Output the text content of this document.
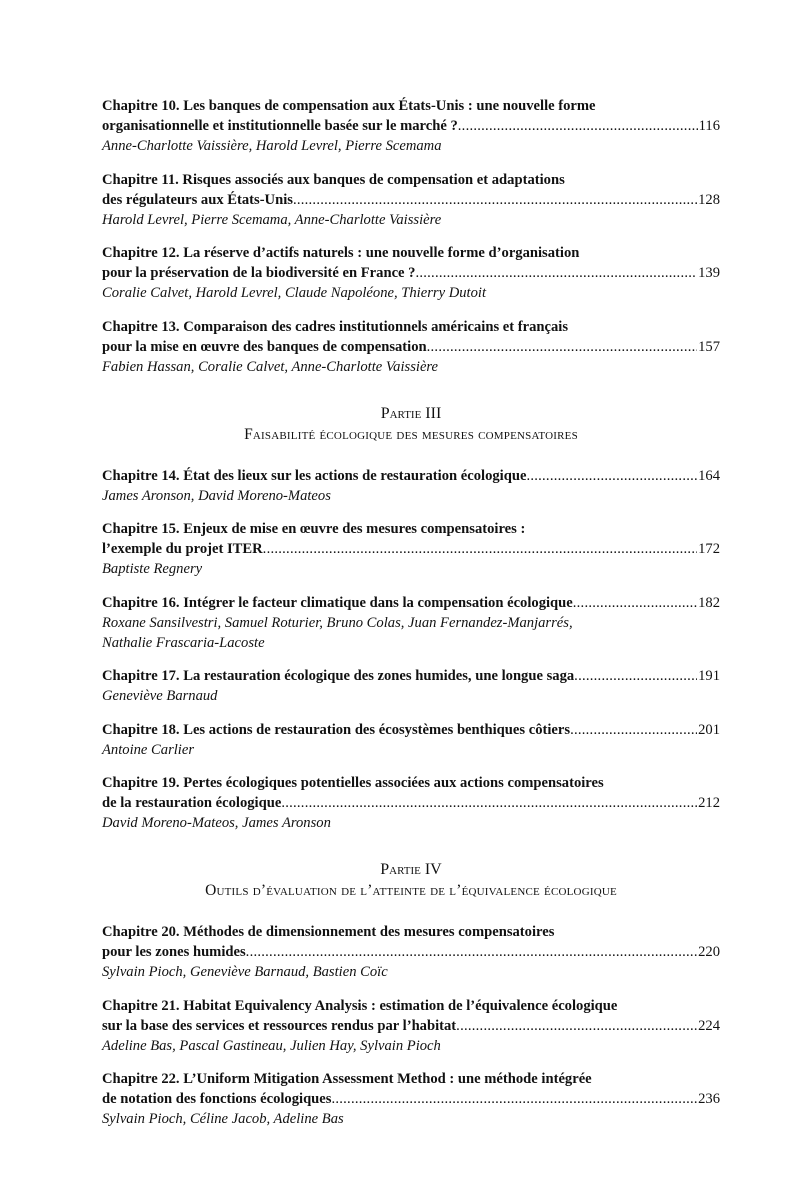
Chapitre 10. Les banques de compensation aux États-Unis : une nouvelle forme
organisationnelle et institutionnelle basée sur le marché ? . . .	116
Anne-Charlotte Vaissière, Harold Levrel, Pierre Scemama
Chapitre 11. Risques associés aux banques de compensation et adaptations
des régulateurs aux États-Unis . . .	128
Harold Levrel, Pierre Scemama, Anne-Charlotte Vaissière
Chapitre 12. La réserve d’actifs naturels : une nouvelle forme d’organisation
pour la préservation de la biodiversité en France ? . . .	139
Coralie Calvet, Harold Levrel, Claude Napoléone, Thierry Dutoit
Chapitre 13. Comparaison des cadres institutionnels américains et français
pour la mise en œuvre des banques de compensation . . .	157
Fabien Hassan, Coralie Calvet, Anne-Charlotte Vaissière
Partie III
Faisabilité écologique des mesures compensatoires
Chapitre 14. État des lieux sur les actions de restauration écologique . . .	164
James Aronson, David Moreno-Mateos
Chapitre 15. Enjeux de mise en œuvre des mesures compensatoires :
l’exemple du projet ITER . . .	172
Baptiste Regnery
Chapitre 16. Intégrer le facteur climatique dans la compensation écologique . . .	182
Roxane Sansilvestri, Samuel Roturier, Bruno Colas, Juan Fernandez-Manjarrés,
Nathalie Frascaria-Lacoste
Chapitre 17. La restauration écologique des zones humides, une longue saga . . .	191
Geneviève Barnaud
Chapitre 18. Les actions de restauration des écosystèmes benthiques côtiers . . .	201
Antoine Carlier
Chapitre 19. Pertes écologiques potentielles associées aux actions compensatoires
de la restauration écologique . . .	212
David Moreno-Mateos, James Aronson
Partie IV
Outils d’évaluation de l’atteinte de l’équivalence écologique
Chapitre 20. Méthodes de dimensionnement des mesures compensatoires
pour les zones humides . . .	220
Sylvain Pioch, Geneviève Barnaud, Bastien Coïc
Chapitre 21. Habitat Equivalency Analysis : estimation de l’équivalence écologique
sur la base des services et ressources rendus par l’habitat . . .	224
Adeline Bas, Pascal Gastineau, Julien Hay, Sylvain Pioch
Chapitre 22. L’Uniform Mitigation Assessment Method : une méthode intégrée
de notation des fonctions écologiques . . .	236
Sylvain Pioch, Céline Jacob, Adeline Bas
